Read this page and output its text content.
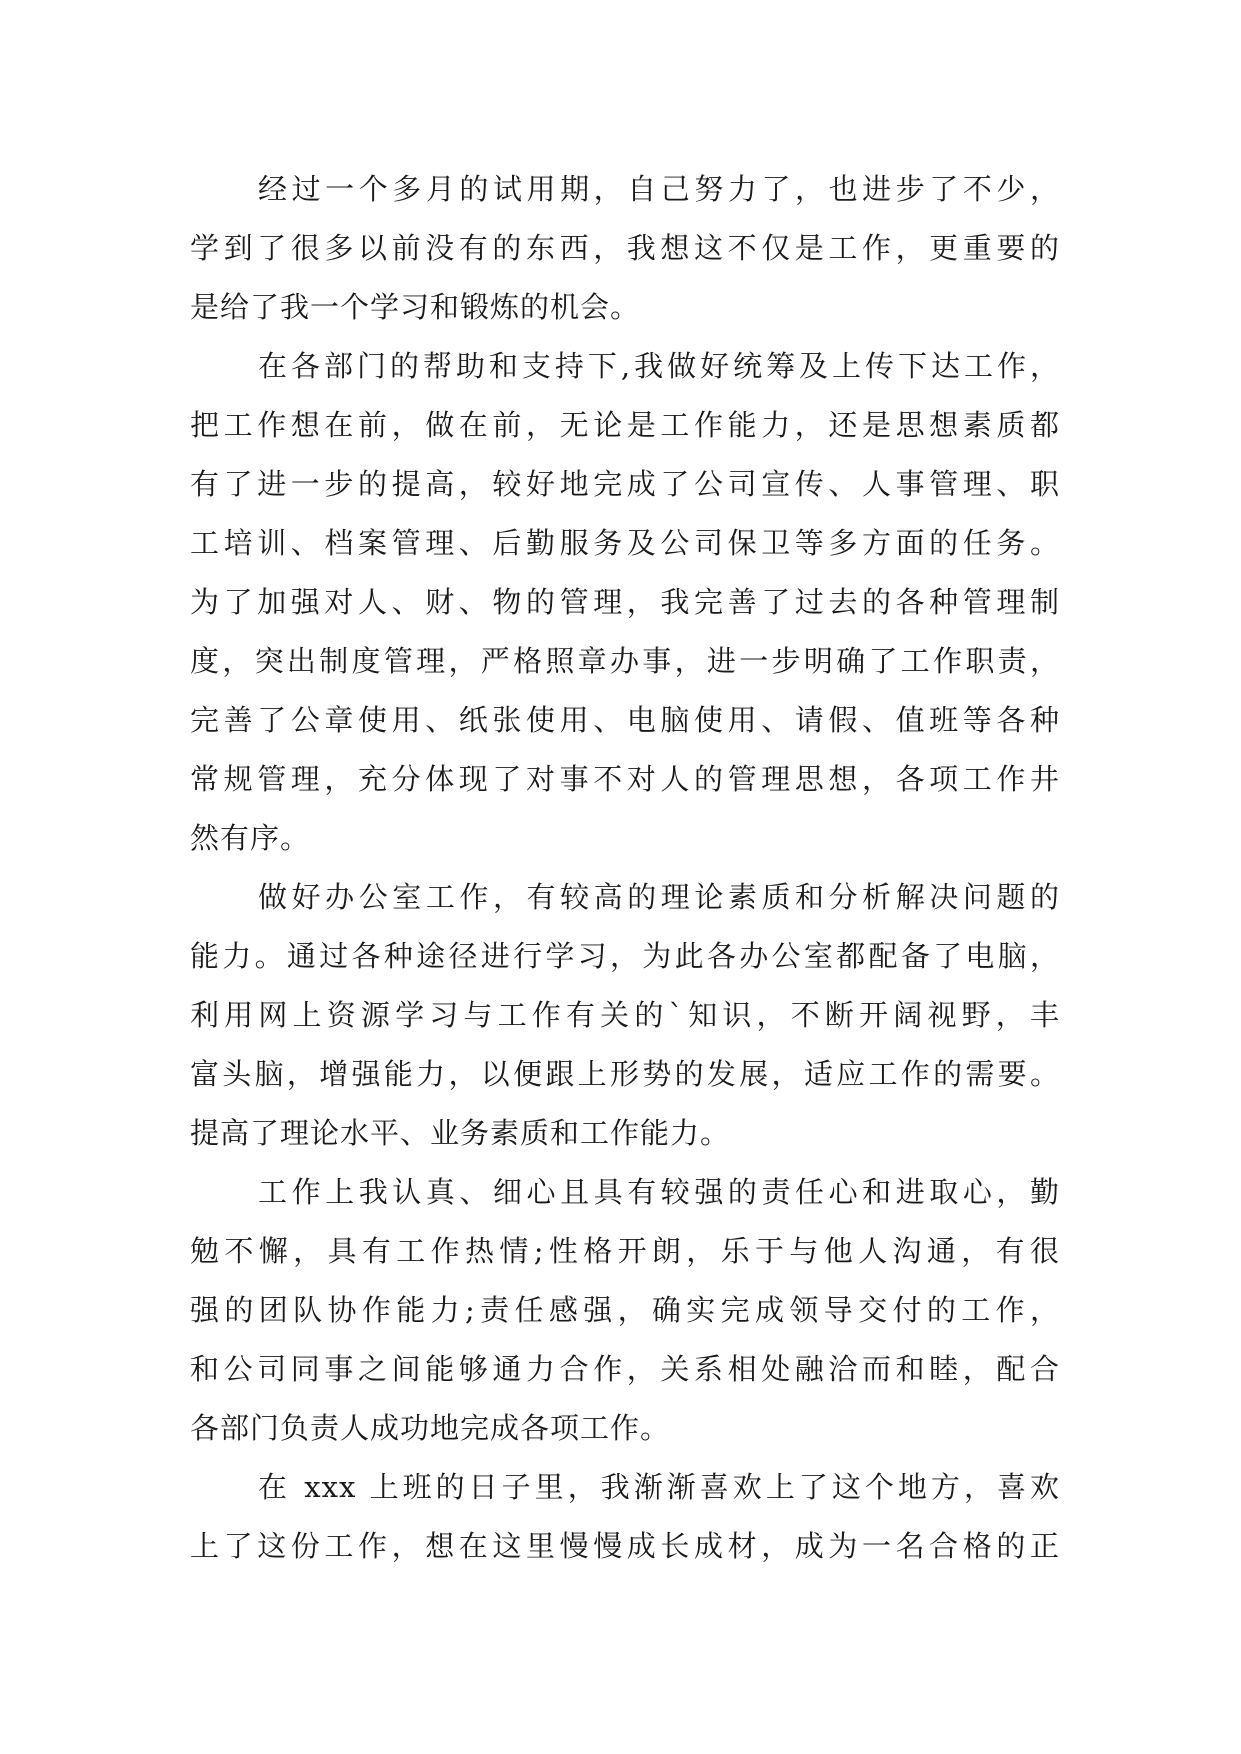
经过一个多月的试用期，自己努力了，也进步了不少，
学到了很多以前没有的东西，我想这不仅是工作，更重要的
是给了我一个学习和锻炼的机会。
在各部门的帮助和支持下,我做好统筹及上传下达工作，
把工作想在前，做在前，无论是工作能力，还是思想素质都
有了进一步的提高，较好地完成了公司宣传、人事管理、职
工培训、档案管理、后勤服务及公司保卫等多方面的任务。
为了加强对人、财、物的管理，我完善了过去的各种管理制
度，突出制度管理，严格照章办事，进一步明确了工作职责，
完善了公章使用、纸张使用、电脑使用、请假、值班等各种
常规管理，充分体现了对事不对人的管理思想，各项工作井
然有序。
做好办公室工作，有较高的理论素质和分析解决问题的
能力。通过各种途径进行学习，为此各办公室都配备了电脑，
利用网上资源学习与工作有关的`知识，不断开阔视野，丰
富头脑，增强能力，以便跟上形势的发展，适应工作的需要。
提高了理论水平、业务素质和工作能力。
工作上我认真、细心且具有较强的责任心和进取心，勤
勉不懈，具有工作热情;性格开朗，乐于与他人沟通，有很
强的团队协作能力;责任感强，确实完成领导交付的工作，
和公司同事之间能够通力合作，关系相处融洽而和睦，配合
各部门负责人成功地完成各项工作。
在 xxx 上班的日子里，我渐渐喜欢上了这个地方，喜欢
上了这份工作，想在这里慢慢成长成材，成为一名合格的正
